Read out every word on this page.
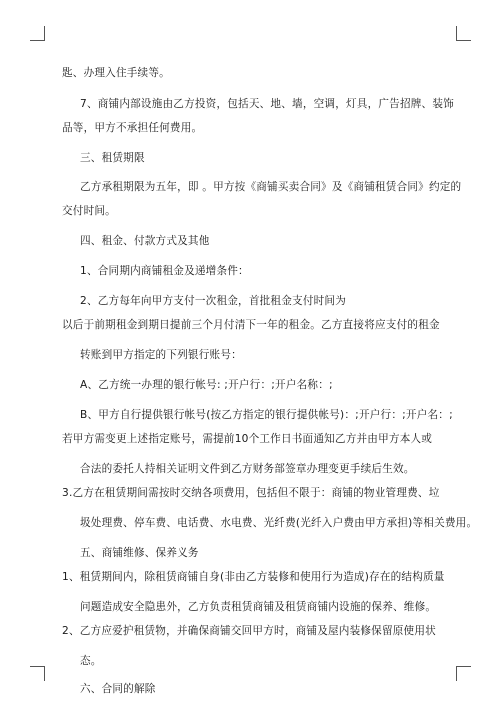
匙、办理入住手续等。
7、商铺内部设施由乙方投资，包括天、地、墙，空调，灯具，广告招牌、装饰
品等，甲方不承担任何费用。
三、租赁期限
乙方承租期限为五年，即 。甲方按《商铺买卖合同》及《商铺租赁合同》约定的
交付时间。
四、租金、付款方式及其他
1、合同期内商铺租金及递增条件：
2、乙方每年向甲方支付一次租金，首批租金支付时间为
以后于前期租金到期日提前三个月付清下一年的租金。乙方直接将应支付的租金
转账到甲方指定的下列银行账号：
A、乙方统一办理的银行帐号: ;开户行：;开户名称：;
B、甲方自行提供银行帐号(按乙方指定的银行提供帐号)：;开户行：;开户名：;
若甲方需变更上述指定账号，需提前10个工作日书面通知乙方并由甲方本人或
合法的委托人持相关证明文件到乙方财务部签章办理变更手续后生效。
3.乙方在租赁期间需按时交纳各项费用，包括但不限于：商铺的物业管理费、垃
圾处理费、停车费、电话费、水电费、光纤费(光纤入户费由甲方承担)等相关费用。
五、商铺维修、保养义务
1、租赁期间内，除租赁商铺自身(非由乙方装修和使用行为造成)存在的结构质量
问题造成安全隐患外，乙方负责租赁商铺及租赁商铺内设施的保养、维修。
2、乙方应爱护租赁物，并确保商铺交回甲方时，商铺及屋内装修保留原使用状
态。
六、合同的解除
